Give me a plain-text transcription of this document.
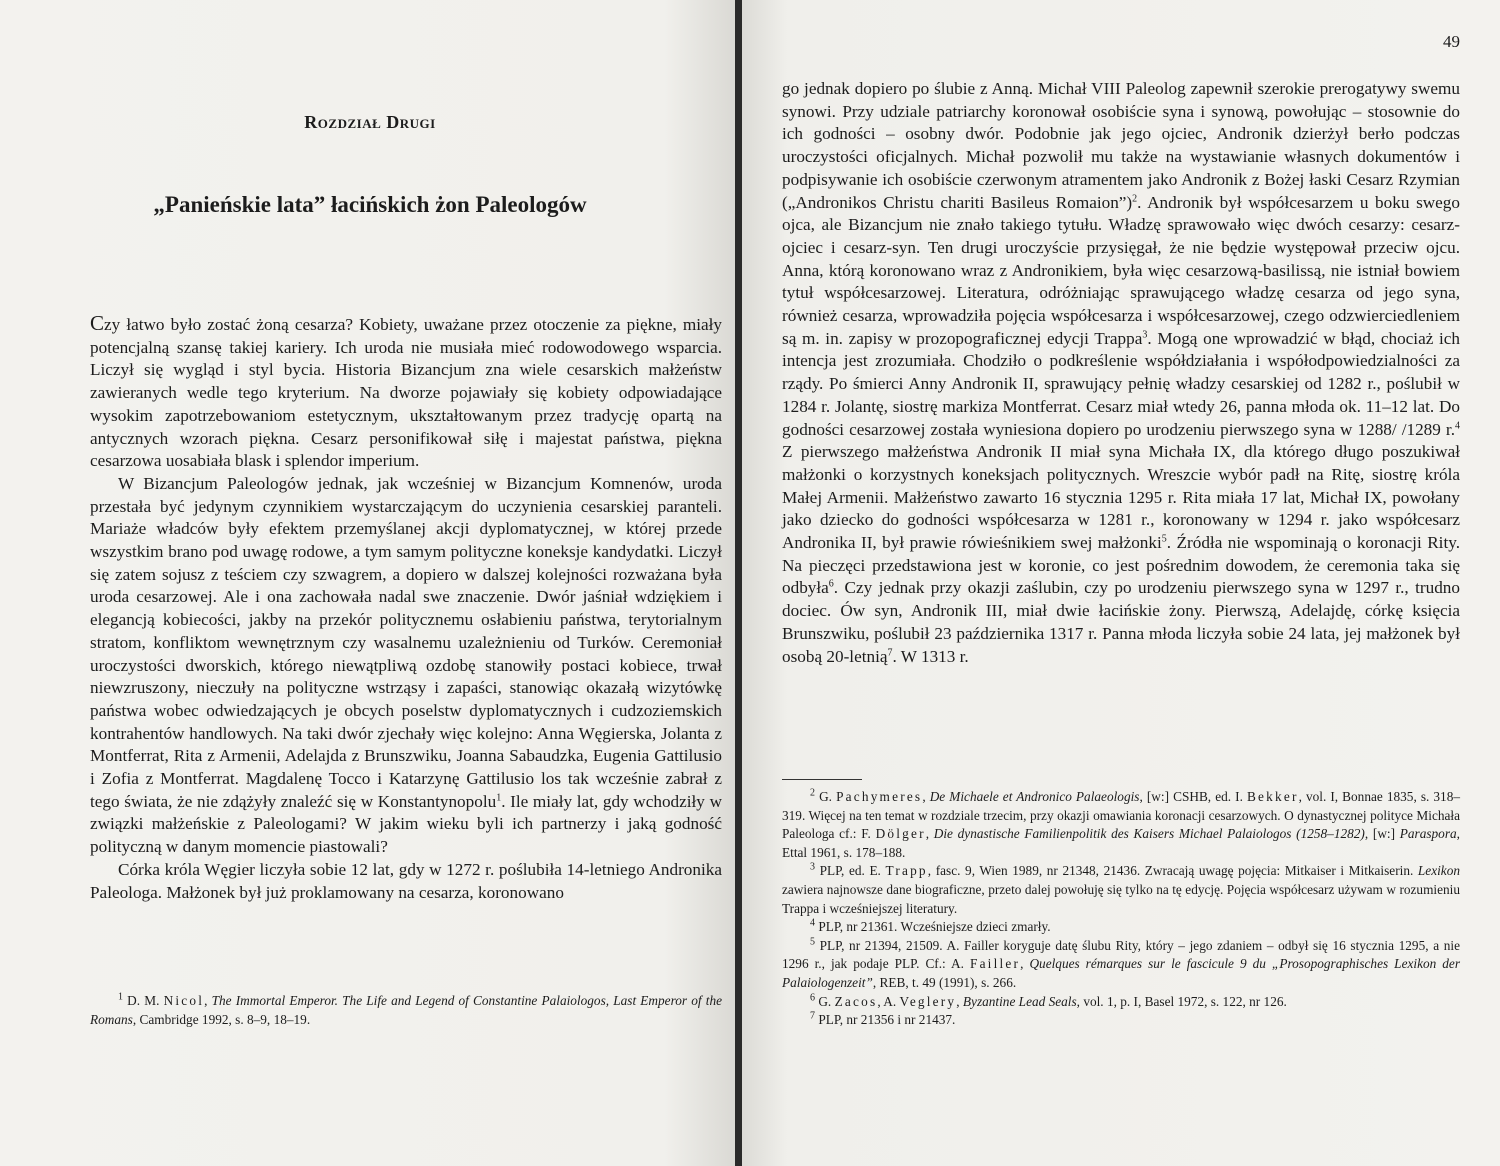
Rozdział Drugi
„Panieńskie lata” łacińskich żon Paleologów

Czy łatwo było zostać żoną cesarza? Kobiety, uważane przez otoczenie za piękne, miały potencjalną szansę takiej kariery. Ich uroda nie musiała mieć rodowodowego wsparcia. Liczył się wygląd i styl bycia. Historia Bizancjum zna wiele cesarskich małżeństw zawieranych wedle tego kryterium. Na dworze pojawiały się kobiety odpowiadające wysokim zapotrzebowaniom estetycznym, ukształtowanym przez tradycję opartą na antycznych wzorach piękna. Cesarz personifikował siłę i majestat państwa, piękna cesarzowa uosabiała blask i splendor imperium.

W Bizancjum Paleologów jednak, jak wcześniej w Bizancjum Komnenów, uroda przestała być jedynym czynnikiem wystarczającym do uczynienia cesarskiej paranteli. Mariaże władców były efektem przemyślanej akcji dyplomatycznej, w której przede wszystkim brano pod uwagę rodowe, a tym samym polityczne koneksje kandydatki. Liczył się zatem sojusz z teściem czy szwagrem, a dopiero w dalszej kolejności rozważana była uroda cesarzowej. Ale i ona zachowała nadal swe znaczenie. Dwór jaśniał wdziękiem i elegancją kobiecości, jakby na przekór politycznemu osłabieniu państwa, terytorialnym stratom, konfliktom wewnętrznym czy wasalnemu uzależnieniu od Turków. Ceremoniał uroczystości dworskich, którego niewątpliwą ozdobę stanowiły postaci kobiece, trwał niewzruszony, nieczuły na polityczne wstrząsy i zapaści, stanowiąc okazałą wizytówkę państwa wobec odwiedzających je obcych poselstw dyplomatycznych i cudzoziemskich kontrahentów handlowych. Na taki dwór zjechały więc kolejno: Anna Węgierska, Jolanta z Montferrat, Rita z Armenii, Adelajda z Brunszwiku, Joanna Sabaudzka, Eugenia Gattilusio i Zofia z Montferrat. Magdalenę Tocco i Katarzynę Gattilusio los tak wcześnie zabrał z tego świata, że nie zdążyły znaleźć się w Konstantynopolu$^1$. Ile miały lat, gdy wchodziły w związki małżeńskie z Paleologami? W jakim wieku byli ich partnerzy i jaką godność polityczną w danym momencie piastowali?

Córka króla Węgier liczyła sobie 12 lat, gdy w 1272 r. poślubiła 14-letniego Andronika Paleologa. Małżonek był już proklamowany na cesarza, koronowano

$^1$ D. M. Nicol, The Immortal Emperor. The Life and Legend of Constantine Palaiologos, Last Emperor of the Romans, Cambridge 1992, s. 8–9, 18–19.

49

go jednak dopiero po ślubie z Anną. Michał VIII Paleolog zapewnił szerokie prerogatywy swemu synowi. Przy udziale patriarchy koronował osobiście syna i synową, powołując – stosownie do ich godności – osobny dwór. Podobnie jak jego ojciec, Andronik dzierżył berło podczas uroczystości oficjalnych. Michał pozwolił mu także na wystawianie własnych dokumentów i podpisywanie ich osobiście czerwonym atramentem jako Andronik z Bożej łaski Cesarz Rzymian („Andronikos Christu chariti Basileus Romaion”)$^2$. Andronik był współcesarzem u boku swego ojca, ale Bizancjum nie znało takiego tytułu. Władzę sprawowało więc dwóch cesarzy: cesarz-ojciec i cesarz-syn. Ten drugi uroczyście przysięgał, że nie będzie występował przeciw ojcu. Anna, którą koronowano wraz z Andronikiem, była więc cesarzową-basilissą, nie istniał bowiem tytuł współcesarzowej. Literatura, odróżniając sprawującego władzę cesarza od jego syna, również cesarza, wprowadziła pojęcia współcesarza i współcesarzowej, czego odzwierciedleniem są m. in. zapisy w prozopograficznej edycji Trappa$^3$. Mogą one wprowadzić w błąd, chociaż ich intencja jest zrozumiała. Chodziło o podkreślenie współdziałania i współodpowiedzialności za rządy. Po śmierci Anny Andronik II, sprawujący pełnię władzy cesarskiej od 1282 r., poślubił w 1284 r. Jolantę, siostrę markiza Montferrat. Cesarz miał wtedy 26, panna młoda ok. 11–12 lat. Do godności cesarzowej została wyniesiona dopiero po urodzeniu pierwszego syna w 1288/ /1289 r.$^4$ Z pierwszego małżeństwa Andronik II miał syna Michała IX, dla którego długo poszukiwał małżonki o korzystnych koneksjach politycznych. Wreszcie wybór padł na Ritę, siostrę króla Małej Armenii. Małżeństwo zawarto 16 stycznia 1295 r. Rita miała 17 lat, Michał IX, powołany jako dziecko do godności współcesarza w 1281 r., koronowany w 1294 r. jako współcesarz Andronika II, był prawie rówieśnikiem swej małżonki$^5$. Źródła nie wspominają o koronacji Rity. Na pieczęci przedstawiona jest w koronie, co jest pośrednim dowodem, że ceremonia taka się odbyła$^6$. Czy jednak przy okazji zaślubin, czy po urodzeniu pierwszego syna w 1297 r., trudno dociec. Ów syn, Andronik III, miał dwie łacińskie żony. Pierwszą, Adelajdę, córkę księcia Brunszwiku, poślubił 23 października 1317 r. Panna młoda liczyła sobie 24 lata, jej małżonek był osobą 20-letnią$^7$. W 1313 r.

$^2$ G. Pachymeres, De Michaele et Andronico Palaeologis, [w:] CSHB, ed. I. Bekker, vol. I, Bonnae 1835, s. 318–319. Więcej na ten temat w rozdziale trzecim, przy okazji omawiania koronacji cesarzowych. O dynastycznej polityce Michała Paleologa cf.: F. Dölger, Die dynastische Familienpolitik des Kaisers Michael Palaiologos (1258–1282), [w:] Paraspora, Ettal 1961, s. 178–188.

$^3$ PLP, ed. E. Trapp, fasc. 9, Wien 1989, nr 21348, 21436. Zwracają uwagę pojęcia: Mitkaiser i Mitkaiserin. Lexikon zawiera najnowsze dane biograficzne, przeto dalej powołuję się tylko na tę edycję. Pojęcia współcesarz używam w rozumieniu Trappa i wcześniejszej literatury.

$^4$ PLP, nr 21361. Wcześniejsze dzieci zmarły.

$^5$ PLP, nr 21394, 21509. A. Failler koryguje datę ślubu Rity, który – jego zdaniem – odbył się 16 stycznia 1295, a nie 1296 r., jak podaje PLP. Cf.: A. Failler, Quelques rémarques sur le fascicule 9 du „Prosopographisches Lexikon der Palaiologenzeit”, REB, t. 49 (1991), s. 266.

$^6$ G. Zacos, A. Veglery, Byzantine Lead Seals, vol. 1, p. I, Basel 1972, s. 122, nr 126.

$^7$ PLP, nr 21356 i nr 21437.
